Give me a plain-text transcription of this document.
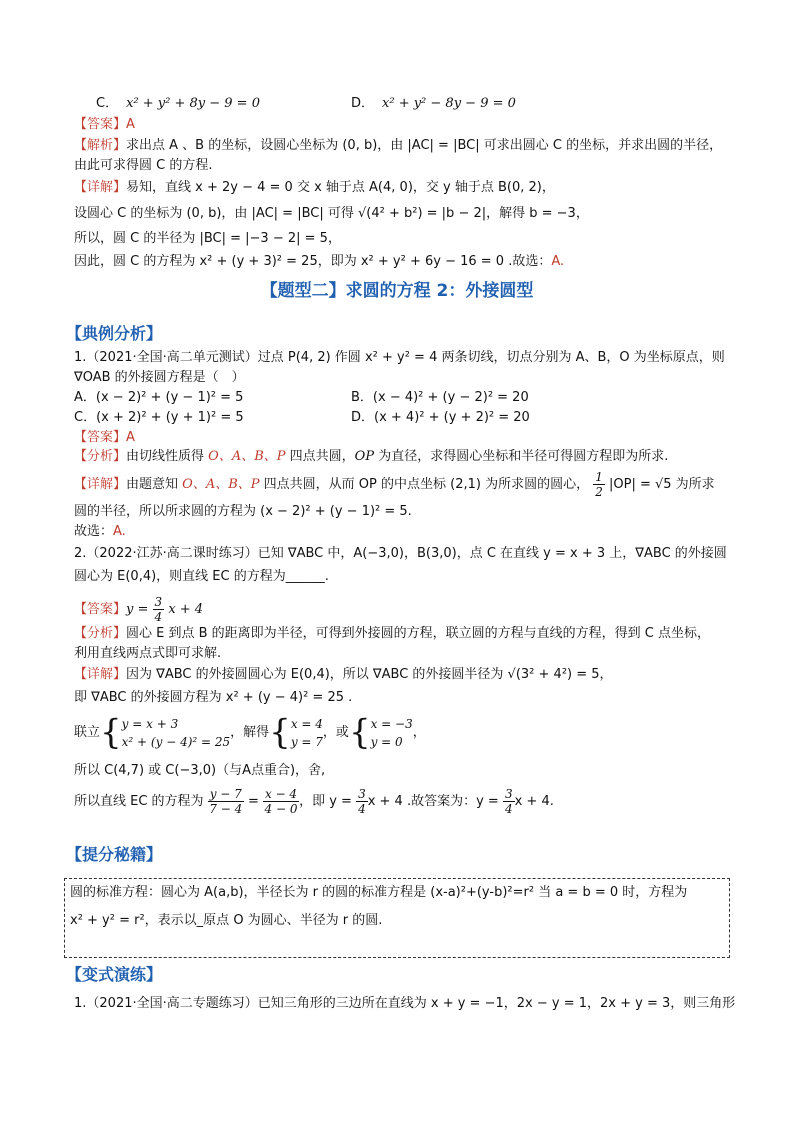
C． x² + y² + 8y − 9 = 0	D． x² + y² − 8y − 9 = 0
【答案】A
【解析】求出点 A 、B 的坐标，设圆心坐标为 (0, b)，由 |AC| = |BC| 可求出圆心 C 的坐标，并求出圆的半径，
由此可求得圆 C 的方程.
【详解】易知，直线 x + 2y − 4 = 0 交 x 轴于点 A(4, 0)，交 y 轴于点 B(0, 2)，
设圆心 C 的坐标为 (0, b)，由 |AC| = |BC| 可得 √(4² + b²) = |b − 2|，解得 b = −3，
所以，圆 C 的半径为 |BC| = |−3 − 2| = 5，
因此，圆 C 的方程为 x² + (y + 3)² = 25，即为 x² + y² + 6y − 16 = 0 .故选：A.
【题型二】求圆的方程 2：外接圆型
【典例分析】
1.（2021·全国·高二单元测试）过点 P(4, 2) 作圆 x² + y² = 4 两条切线，切点分别为 A、B，O 为坐标原点，则
∇OAB 的外接圆方程是（　）
A．(x − 2)² + (y − 1)² = 5	B．(x − 4)² + (y − 2)² = 20
C．(x + 2)² + (y + 1)² = 5	D．(x + 4)² + (y + 2)² = 20
【答案】A
【分析】由切线性质得 O、A、B、P 四点共圆，OP 为直径，求得圆心坐标和半径可得圆方程即为所求.
【详解】由题意知 O、A、B、P 四点共圆，从而 OP 的中点坐标 (2,1) 为所求圆的圆心， $\frac{1}{2} |OP| = √5$ 为所求
圆的半径，所以所求圆的方程为 (x − 2)² + (y − 1)² = 5.
故选：A.
2.（2022·江苏·高二课时练习）已知 ∇ABC 中，A(−3,0)，B(3,0)，点 C 在直线 y = x + 3 上，∇ABC 的外接圆
圆心为 E(0,4)，则直线 EC 的方程为______.
【答案】$y = \frac{3}{4}$ x + 4
【分析】圆心 E 到点 B 的距离即为半径，可得到外接圆的方程，联立圆的方程与直线的方程，得到 C 点坐标，
利用直线两点式即可求解.
【详解】因为 ∇ABC 的外接圆圆心为 E(0,4)，所以 ∇ABC 的外接圆半径为 √(3² + 4²) = 5，
即 ∇ABC 的外接圆方程为 x² + (y − 4)² = 25 .
联立{ y = x + 3
x² + (y − 4)² = 25
，解得{ x = 4
y = 7
，或{ x = −3
y = 0
，
所以 C(4,7) 或 C(−3,0)（与A点重合)，舍,
所以直线 EC 的方程为 $\frac{y - 7}{7 - 4} = \frac{x - 4}{4 - 0}$ ，即 $y = \frac{3}{4}$ x + 4 .故答案为：$y = \frac{3}{4}$ x + 4.
【提分秘籍】
圆的标准方程：圆心为 A(a,b)，半径长为 r 的圆的标准方程是 (x-a)²+(y-b)²=r² 当 a = b = 0 时，方程为
x² + y² = r²，表示以_原点 O 为圆心、半径为 r 的圆.
【变式演练】
1.（2021·全国·高二专题练习）已知三角形的三边所在直线为 x + y = −1，2x − y = 1，2x + y = 3，则三角形
